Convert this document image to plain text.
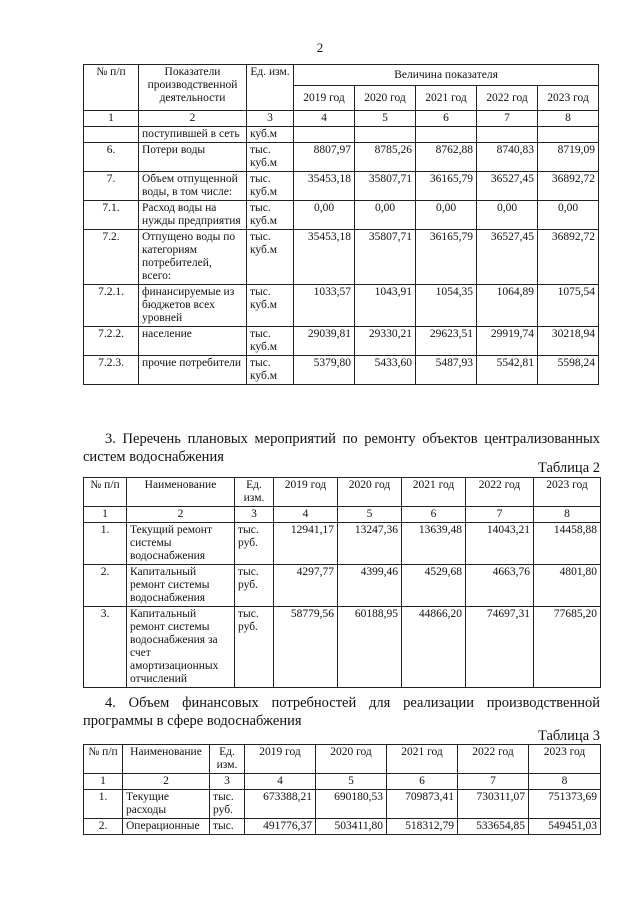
2
№ п/п	Показатели производственной деятельности	Ед. изм.	Величина показателя				
			2019 год	2020 год	2021 год	2022 год	2023 год
1	2	3	4	5	6	7	8
	поступившей в сеть	куб.м					
6.	Потери воды	тыс. куб.м	8807,97	8785,26	8762,88	8740,83	8719,09
7.	Объем отпущенной воды, в том числе:	тыс. куб.м	35453,18	35807,71	36165,79	36527,45	36892,72
7.1.	Расход воды на нужды предприятия	тыс. куб.м	0,00	0,00	0,00	0,00	0,00
7.2.	Отпущено воды по категориям потребителей, всего:	тыс. куб.м	35453,18	35807,71	36165,79	36527,45	36892,72
7.2.1.	финансируемые из бюджетов всех уровней	тыс. куб.м	1033,57	1043,91	1054,35	1064,89	1075,54
7.2.2.	население	тыс. куб.м	29039,81	29330,21	29623,51	29919,74	30218,94
7.2.3.	прочие потребители	тыс. куб.м	5379,80	5433,60	5487,93	5542,81	5598,24
3. Перечень плановых мероприятий по ремонту объектов централизованных систем водоснабжения
Таблица 2
№ п/п	Наименование	Ед. изм.	2019 год	2020 год	2021 год	2022 год	2023 год
1	2	3	4	5	6	7	8
1.	Текущий ремонт системы водоснабжения	тыс. руб.	12941,17	13247,36	13639,48	14043,21	14458,88
2.	Капитальный ремонт системы водоснабжения	тыс. руб.	4297,77	4399,46	4529,68	4663,76	4801,80
3.	Капитальный ремонт системы водоснабжения за счет амортизационных отчислений	тыс. руб.	58779,56	60188,95	44866,20	74697,31	77685,20
4. Объем финансовых потребностей для реализации производственной программы в сфере водоснабжения
Таблица 3
№ п/п	Наименование	Ед. изм.	2019 год	2020 год	2021 год	2022 год	2023 год
1	2	3	4	5	6	7	8
1.	Текущие расходы	тыс. руб.	673388,21	690180,53	709873,41	730311,07	751373,69
2.	Операционные	тыс.	491776,37	503411,80	518312,79	533654,85	549451,03
